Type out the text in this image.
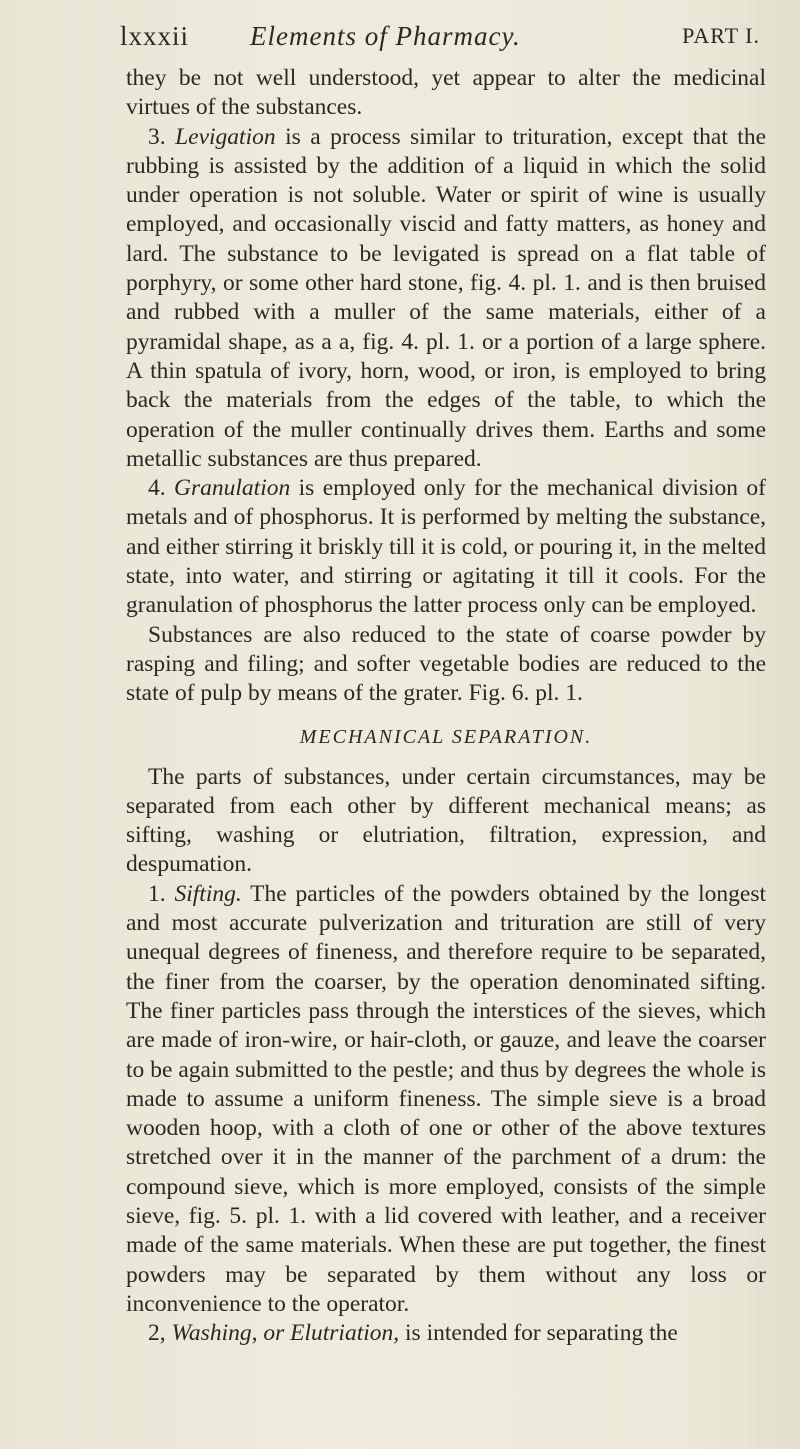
lxxxii Elements of Pharmacy.	PART I.

they be not well understood, yet appear to alter the medicinal virtues of the substances.

3. Levigation is a process similar to trituration, except that the rubbing is assisted by the addition of a liquid in which the solid under operation is not soluble. Water or spirit of wine is usually employed, and occasionally viscid and fatty matters, as honey and lard. The substance to be levigated is spread on a flat table of porphyry, or some other hard stone, fig. 4. pl. 1. and is then bruised and rubbed with a muller of the same materials, either of a pyramidal shape, as a a, fig. 4. pl. 1. or a portion of a large sphere. A thin spatula of ivory, horn, wood, or iron, is employed to bring back the materials from the edges of the table, to which the operation of the muller continually drives them. Earths and some metallic substances are thus prepared.

4. Granulation is employed only for the mechanical division of metals and of phosphorus. It is performed by melting the substance, and either stirring it briskly till it is cold, or pouring it, in the melted state, into water, and stirring or agitating it till it cools. For the granulation of phosphorus the latter process only can be employed.

Substances are also reduced to the state of coarse powder by rasping and filing; and softer vegetable bodies are reduced to the state of pulp by means of the grater. Fig. 6. pl. 1.

MECHANICAL SEPARATION.

The parts of substances, under certain circumstances, may be separated from each other by different mechanical means; as sifting, washing or elutriation, filtration, expression, and despumation.

1. Sifting. The particles of the powders obtained by the longest and most accurate pulverization and trituration are still of very unequal degrees of fineness, and therefore require to be separated, the finer from the coarser, by the operation denominated sifting. The finer particles pass through the interstices of the sieves, which are made of iron-wire, or hair-cloth, or gauze, and leave the coarser to be again submitted to the pestle; and thus by degrees the whole is made to assume a uniform fineness. The simple sieve is a broad wooden hoop, with a cloth of one or other of the above textures stretched over it in the manner of the parchment of a drum: the compound sieve, which is more employed, consists of the simple sieve, fig. 5. pl. 1. with a lid covered with leather, and a receiver made of the same materials. When these are put together, the finest powders may be separated by them without any loss or inconvenience to the operator.

2, Washing, or Elutriation, is intended for separating the
